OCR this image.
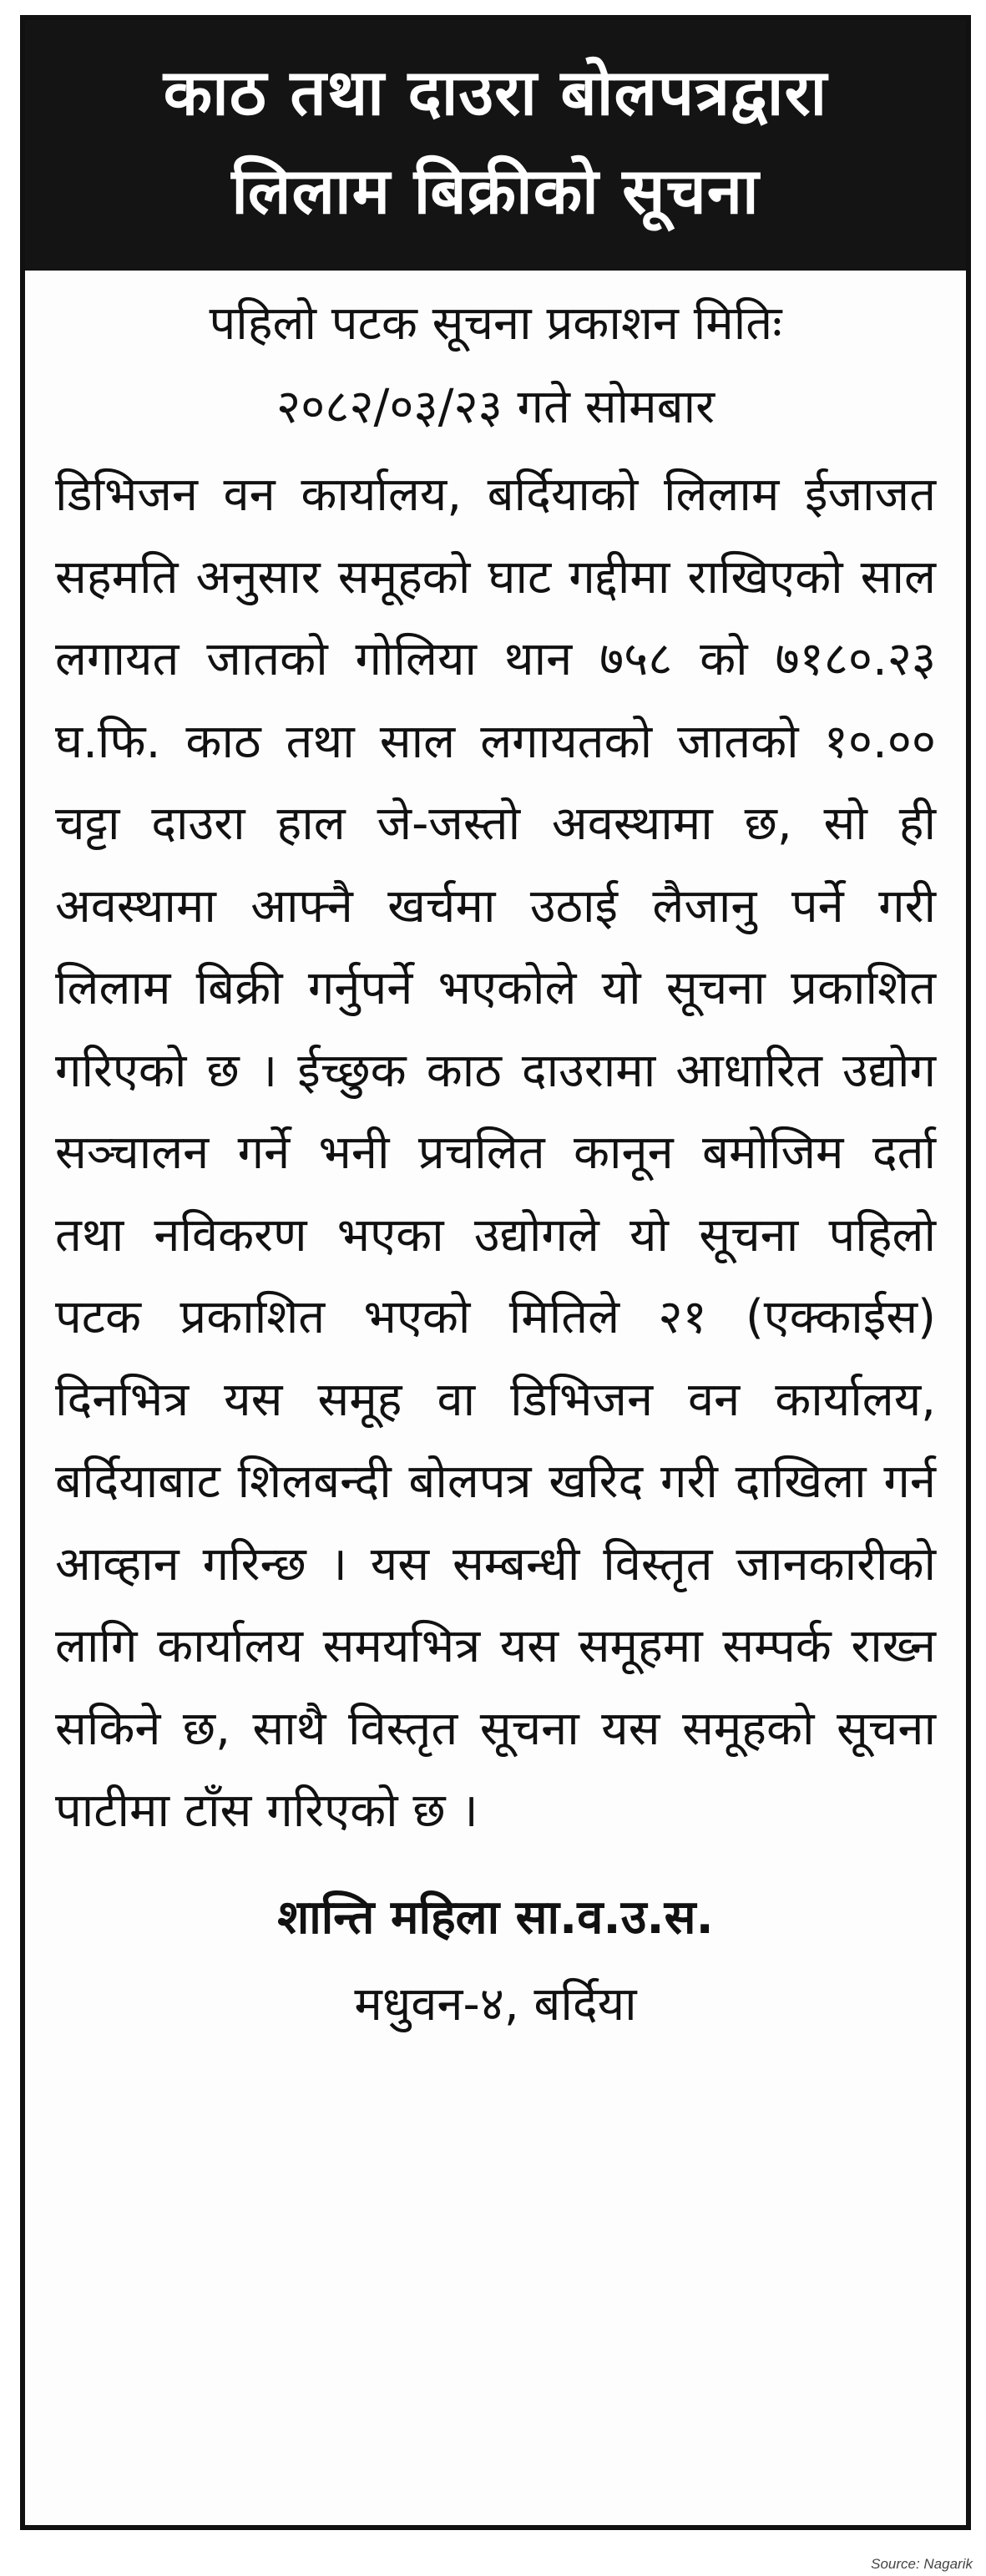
काठ तथा दाउरा बोलपत्रद्वारा
लिलाम बिक्रीको सूचना
पहिलो पटक सूचना प्रकाशन मितिः
२०८२/०३/२३ गते सोमबार
डिभिजन वन कार्यालय, बर्दियाको लिलाम ईजाजत सहमति अनुसार समूहको घाट गद्दीमा राखिएको साल लगायत जातको गोलिया थान ७५८ को ७१८०.२३ घ.फि. काठ तथा साल लगायतको जातको १०.०० चट्टा दाउरा हाल जे-जस्तो अवस्थामा छ, सो ही अवस्थामा आफ्नै खर्चमा उठाई लैजानु पर्ने गरी लिलाम बिक्री गर्नुपर्ने भएकोले यो सूचना प्रकाशित गरिएको छ । ईच्छुक काठ दाउरामा आधारित उद्योग सञ्चालन गर्ने भनी प्रचलित कानून बमोजिम दर्ता तथा नविकरण भएका उद्योगले यो सूचना पहिलो पटक प्रकाशित भएको मितिले २१ (एक्काईस) दिनभित्र यस समूह वा डिभिजन वन कार्यालय, बर्दियाबाट शिलबन्दी बोलपत्र खरिद गरी दाखिला गर्न आव्हान गरिन्छ । यस सम्बन्धी विस्तृत जानकारीको लागि कार्यालय समयभित्र यस समूहमा सम्पर्क राख्न सकिने छ, साथै विस्तृत सूचना यस समूहको सूचना पाटीमा टाँस गरिएको छ ।
शान्ति महिला सा.व.उ.स.
मधुवन-४, बर्दिया
Source: Nagarik
